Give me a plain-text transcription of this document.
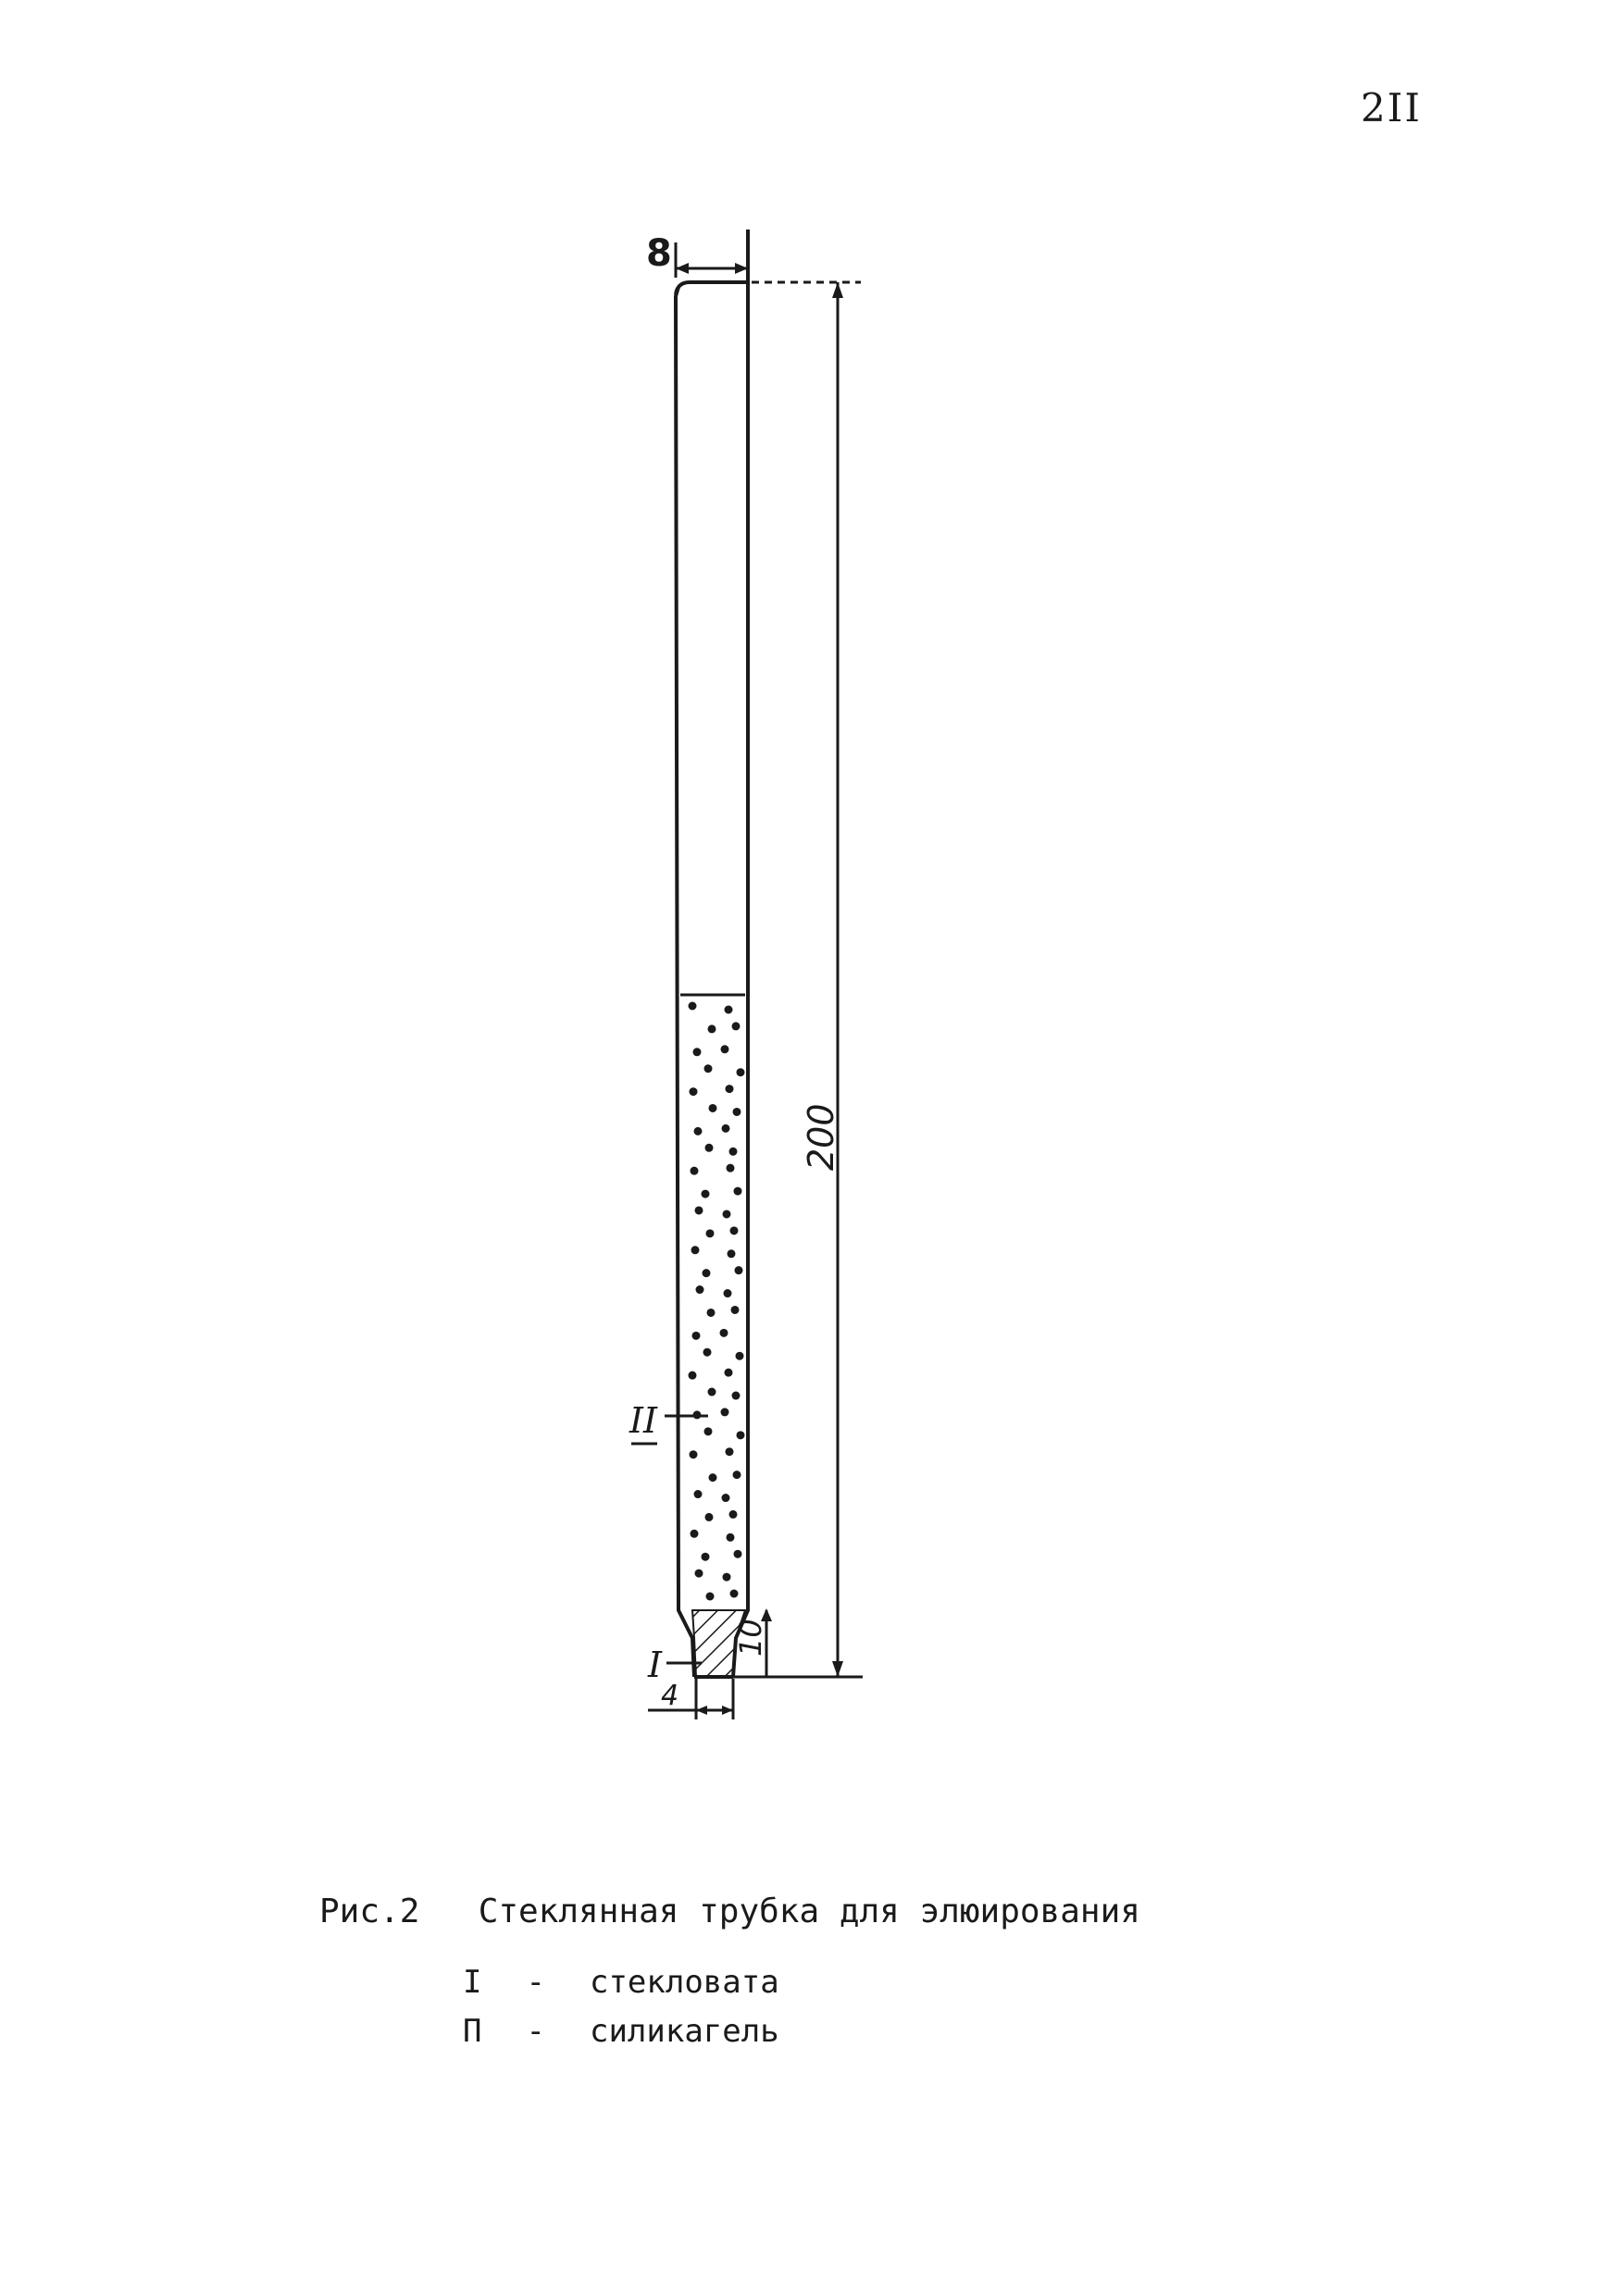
2II
8
200
10
4
II
I
Рис.2 Стеклянная трубка для элюирования
I - стекловата
П - силикагель
